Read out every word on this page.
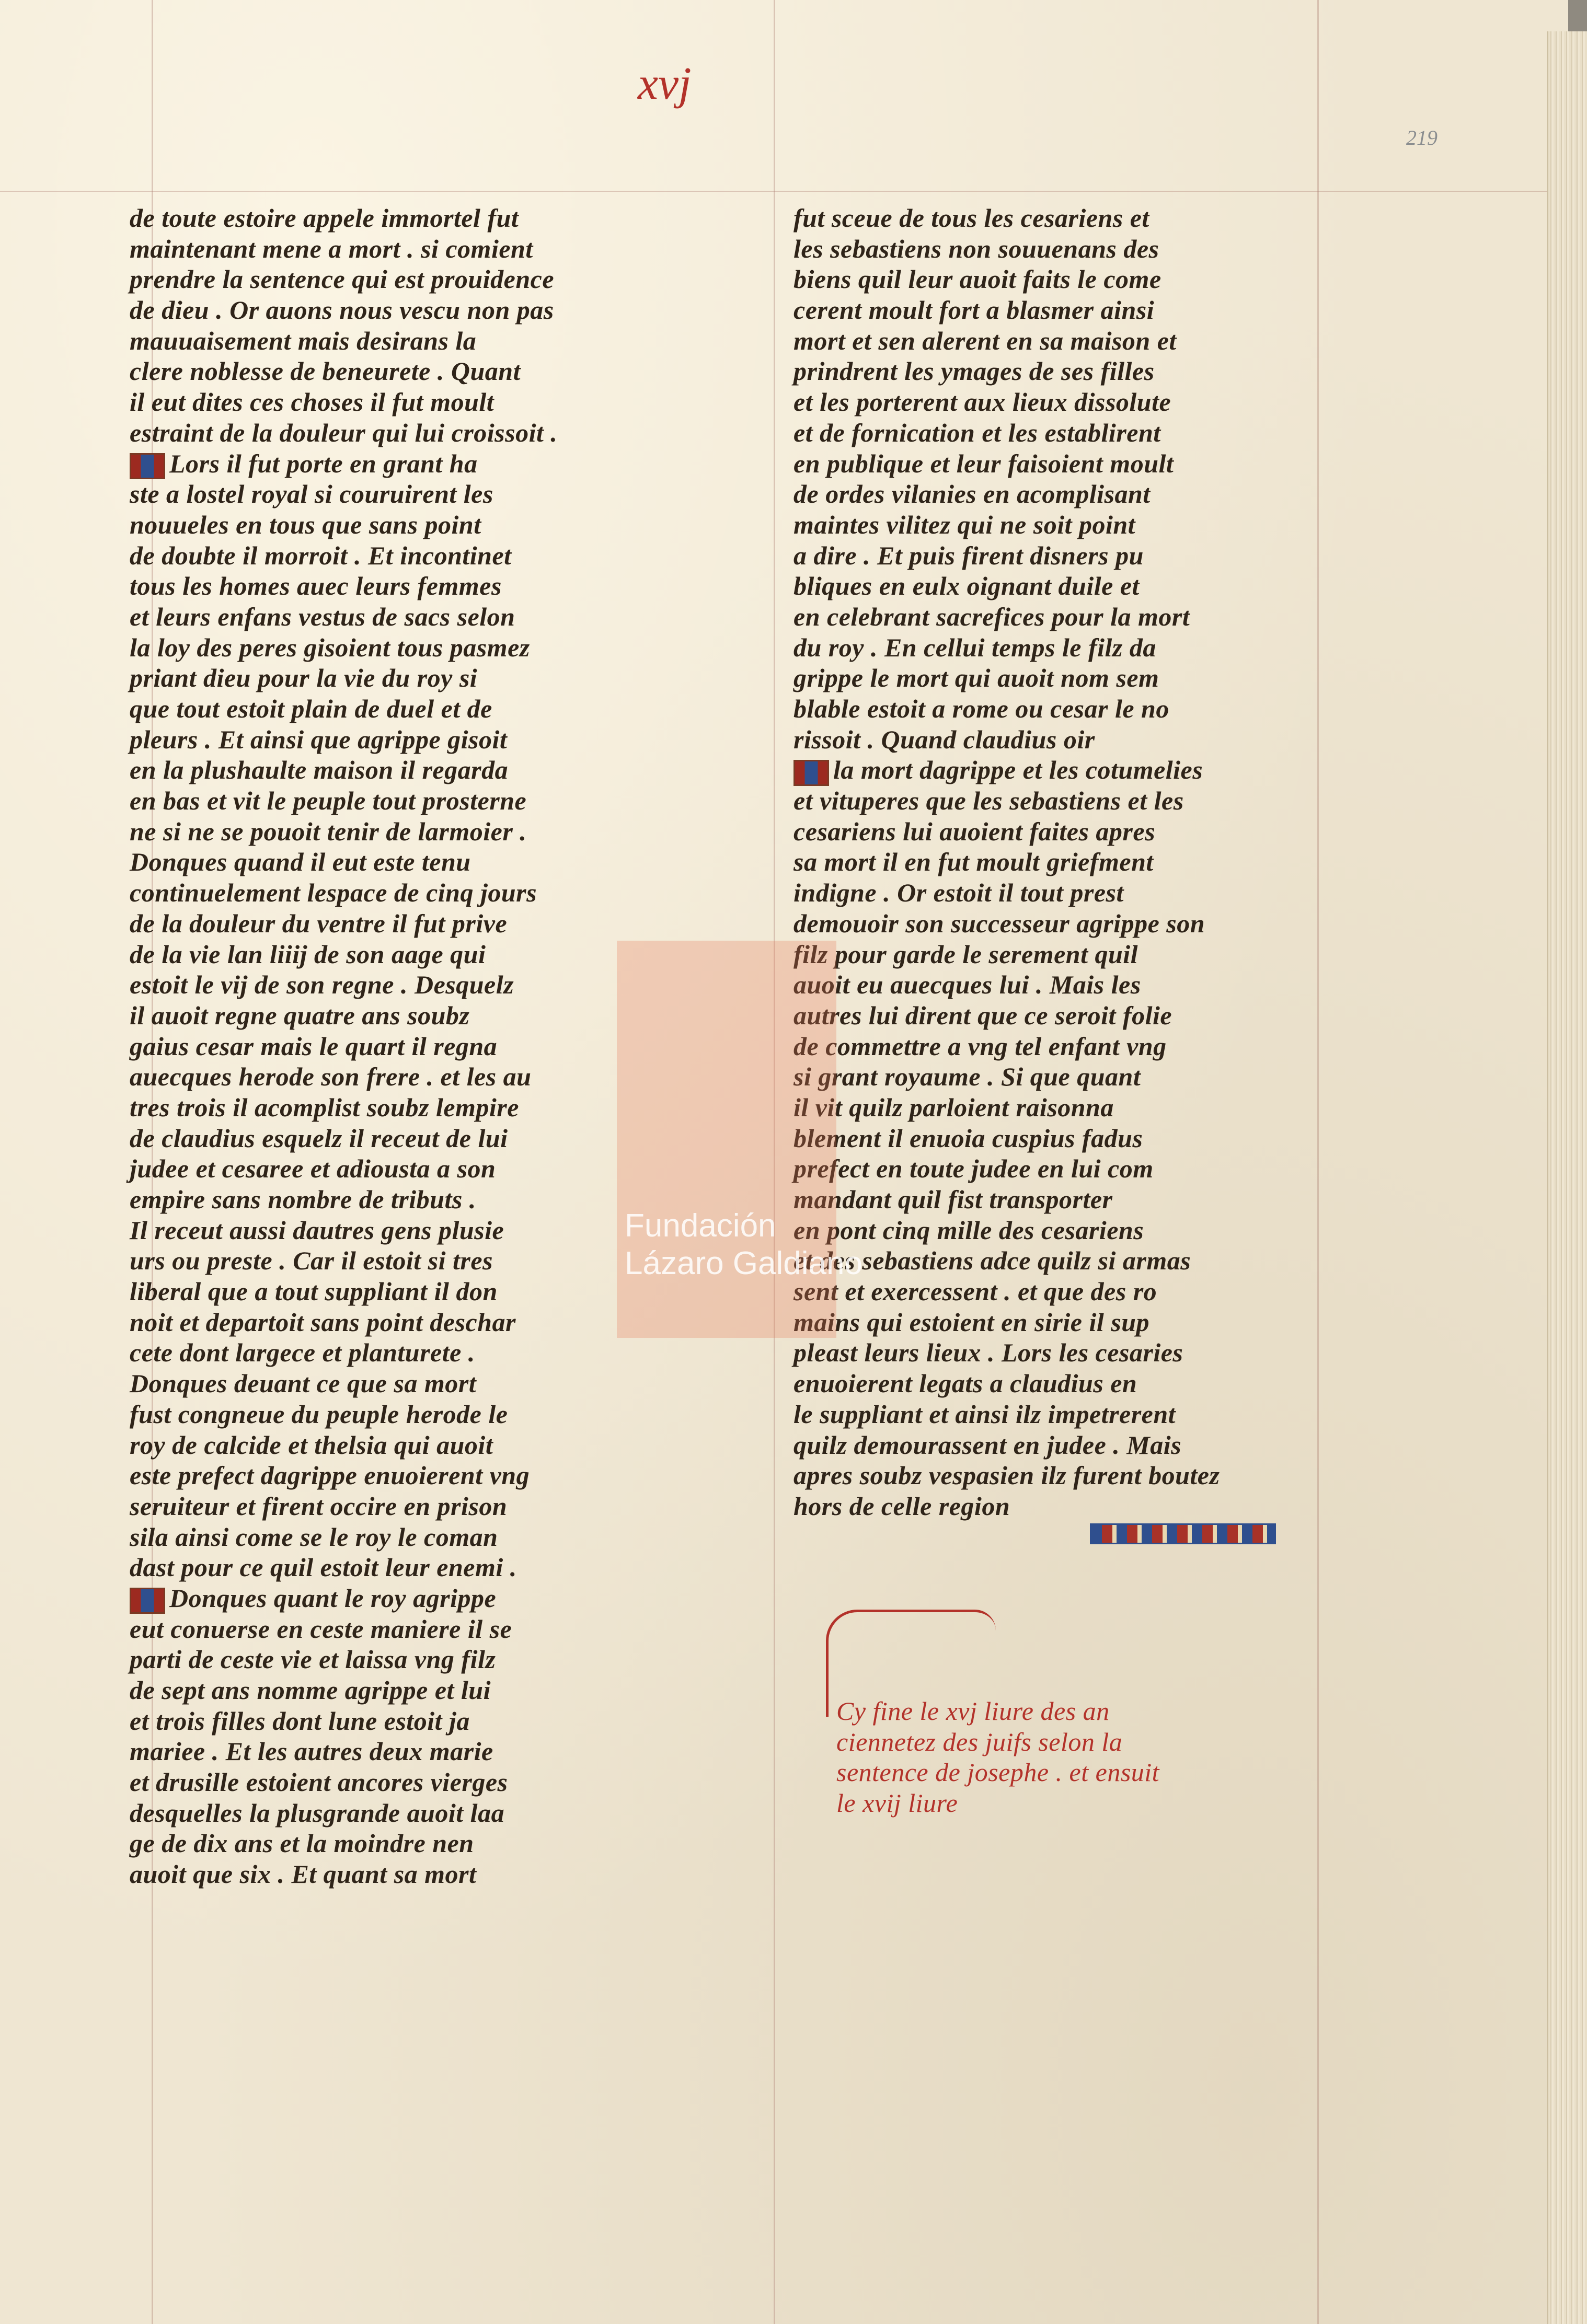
xvj
219
de toute estoire appele immortel fut
maintenant mene a mort . si comient
prendre la sentence qui est prouidence
de dieu . Or auons nous vescu non pas
mauuaisement mais desirans la
clere noblesse de beneurete . Quant
il eut dites ces choses il fut moult
estraint de la douleur qui lui croissoit .
Lors il fut porte en grant ha
ste a lostel royal si couruirent les
nouueles en tous que sans point
de doubte il morroit . Et incontinet
tous les homes auec leurs femmes
et leurs enfans vestus de sacs selon
la loy des peres gisoient tous pasmez
priant dieu pour la vie du roy si
que tout estoit plain de duel et de
pleurs . Et ainsi que agrippe gisoit
en la plushaulte maison il regarda
en bas et vit le peuple tout prosterne
ne si ne se pouoit tenir de larmoier .
Donques quand il eut este tenu
continuelement lespace de cinq jours
de la douleur du ventre il fut prive
de la vie lan liiij de son aage qui
estoit le vij de son regne . Desquelz
il auoit regne quatre ans soubz
gaius cesar mais le quart il regna
auecques herode son frere . et les au
tres trois il acomplist soubz lempire
de claudius esquelz il receut de lui
judee et cesaree et adiousta a son
empire sans nombre de tributs .
Il receut aussi dautres gens plusie
urs ou preste . Car il estoit si tres
liberal que a tout suppliant il don
noit et departoit sans point deschar
cete dont largece et planturete .
Donques deuant ce que sa mort
fust congneue du peuple herode le
roy de calcide et thelsia qui auoit
este prefect dagrippe enuoierent vng
seruiteur et firent occire en prison
sila ainsi come se le roy le coman
dast pour ce quil estoit leur enemi .
Donques quant le roy agrippe
eut conuerse en ceste maniere il se
parti de ceste vie et laissa vng filz
de sept ans nomme agrippe et lui
et trois filles dont lune estoit ja
mariee . Et les autres deux marie
et drusille estoient ancores vierges
desquelles la plusgrande auoit laa
ge de dix ans et la moindre nen
auoit que six . Et quant sa mort
fut sceue de tous les cesariens et
les sebastiens non souuenans des
biens quil leur auoit faits le come
cerent moult fort a blasmer ainsi
mort et sen alerent en sa maison et
prindrent les ymages de ses filles
et les porterent aux lieux dissolute
et de fornication et les establirent
en publique et leur faisoient moult
de ordes vilanies en acomplisant
maintes vilitez qui ne soit point
a dire . Et puis firent disners pu
bliques en eulx oignant duile et
en celebrant sacrefices pour la mort
du roy . En cellui temps le filz da
grippe le mort qui auoit nom sem
blable estoit a rome ou cesar le no
rissoit . Quand claudius oir
la mort dagrippe et les cotumelies
et vituperes que les sebastiens et les
cesariens lui auoient faites apres
sa mort il en fut moult griefment
indigne . Or estoit il tout prest
demouoir son successeur agrippe son
filz pour garde le serement quil
auoit eu auecques lui . Mais les
autres lui dirent que ce seroit folie
de commettre a vng tel enfant vng
si grant royaume . Si que quant
il vit quilz parloient raisonna
blement il enuoia cuspius fadus
prefect en toute judee en lui com
mandant quil fist transporter
en pont cinq mille des cesariens
et des sebastiens adce quilz si armas
sent et exercessent . et que des ro
mains qui estoient en sirie il sup
pleast leurs lieux . Lors les cesaries
enuoierent legats a claudius en
le suppliant et ainsi ilz impetrerent
quilz demourassent en judee . Mais
apres soubz vespasien ilz furent boutez
hors de celle region
Cy fine le xvj liure des an
ciennetez des juifs selon la
sentence de josephe . et ensuit
le xvij liure
Fundación
Lázaro Galdiano
